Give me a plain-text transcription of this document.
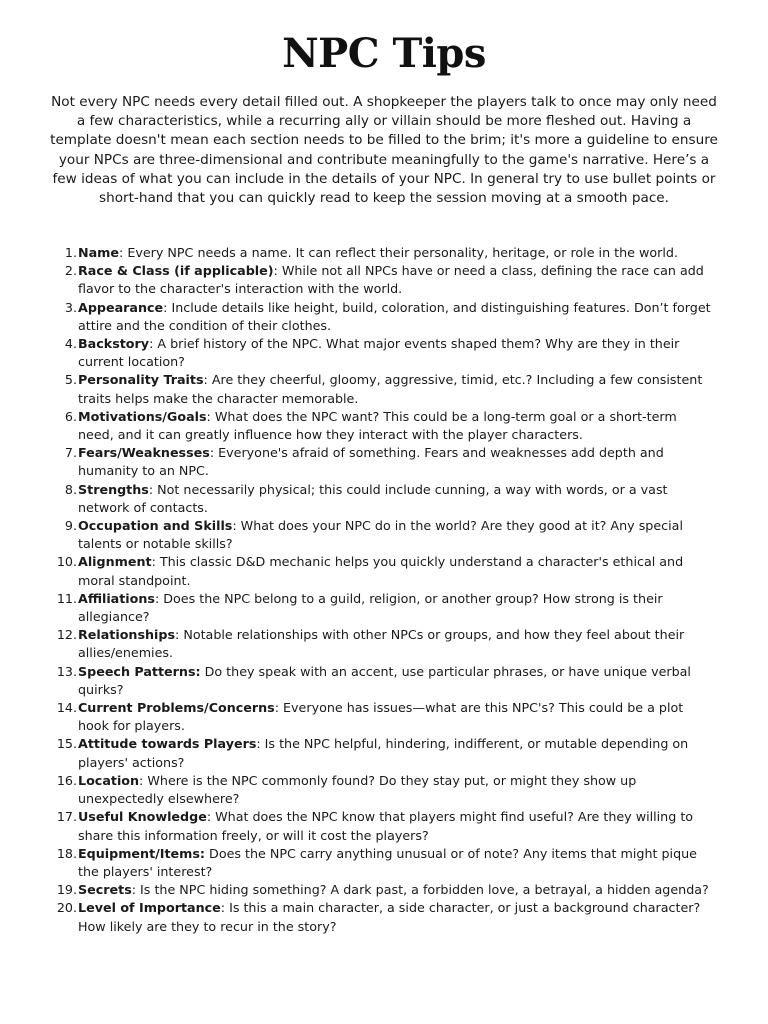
NPC Tips

Not every NPC needs every detail filled out. A shopkeeper the players talk to once may only need a few characteristics, while a recurring ally or villain should be more fleshed out. Having a template doesn't mean each section needs to be filled to the brim; it's more a guideline to ensure your NPCs are three-dimensional and contribute meaningfully to the game's narrative. Here’s a few ideas of what you can include in the details of your NPC. In general try to use bullet points or short-hand that you can quickly read to keep the session moving at a smooth pace.

1. Name: Every NPC needs a name. It can reflect their personality, heritage, or role in the world.
2. Race & Class (if applicable): While not all NPCs have or need a class, defining the race can add flavor to the character's interaction with the world.
3. Appearance: Include details like height, build, coloration, and distinguishing features. Don’t forget attire and the condition of their clothes.
4. Backstory: A brief history of the NPC. What major events shaped them? Why are they in their current location?
5. Personality Traits: Are they cheerful, gloomy, aggressive, timid, etc.? Including a few consistent traits helps make the character memorable.
6. Motivations/Goals: What does the NPC want? This could be a long-term goal or a short-term need, and it can greatly influence how they interact with the player characters.
7. Fears/Weaknesses: Everyone's afraid of something. Fears and weaknesses add depth and humanity to an NPC.
8. Strengths: Not necessarily physical; this could include cunning, a way with words, or a vast network of contacts.
9. Occupation and Skills: What does your NPC do in the world? Are they good at it? Any special talents or notable skills?
10. Alignment: This classic D&D mechanic helps you quickly understand a character's ethical and moral standpoint.
11. Affiliations: Does the NPC belong to a guild, religion, or another group? How strong is their allegiance?
12. Relationships: Notable relationships with other NPCs or groups, and how they feel about their allies/enemies.
13. Speech Patterns: Do they speak with an accent, use particular phrases, or have unique verbal quirks?
14. Current Problems/Concerns: Everyone has issues—what are this NPC's? This could be a plot hook for players.
15. Attitude towards Players: Is the NPC helpful, hindering, indifferent, or mutable depending on players' actions?
16. Location: Where is the NPC commonly found? Do they stay put, or might they show up unexpectedly elsewhere?
17. Useful Knowledge: What does the NPC know that players might find useful? Are they willing to share this information freely, or will it cost the players?
18. Equipment/Items: Does the NPC carry anything unusual or of note? Any items that might pique the players' interest?
19. Secrets: Is the NPC hiding something? A dark past, a forbidden love, a betrayal, a hidden agenda?
20. Level of Importance: Is this a main character, a side character, or just a background character? How likely are they to recur in the story?
